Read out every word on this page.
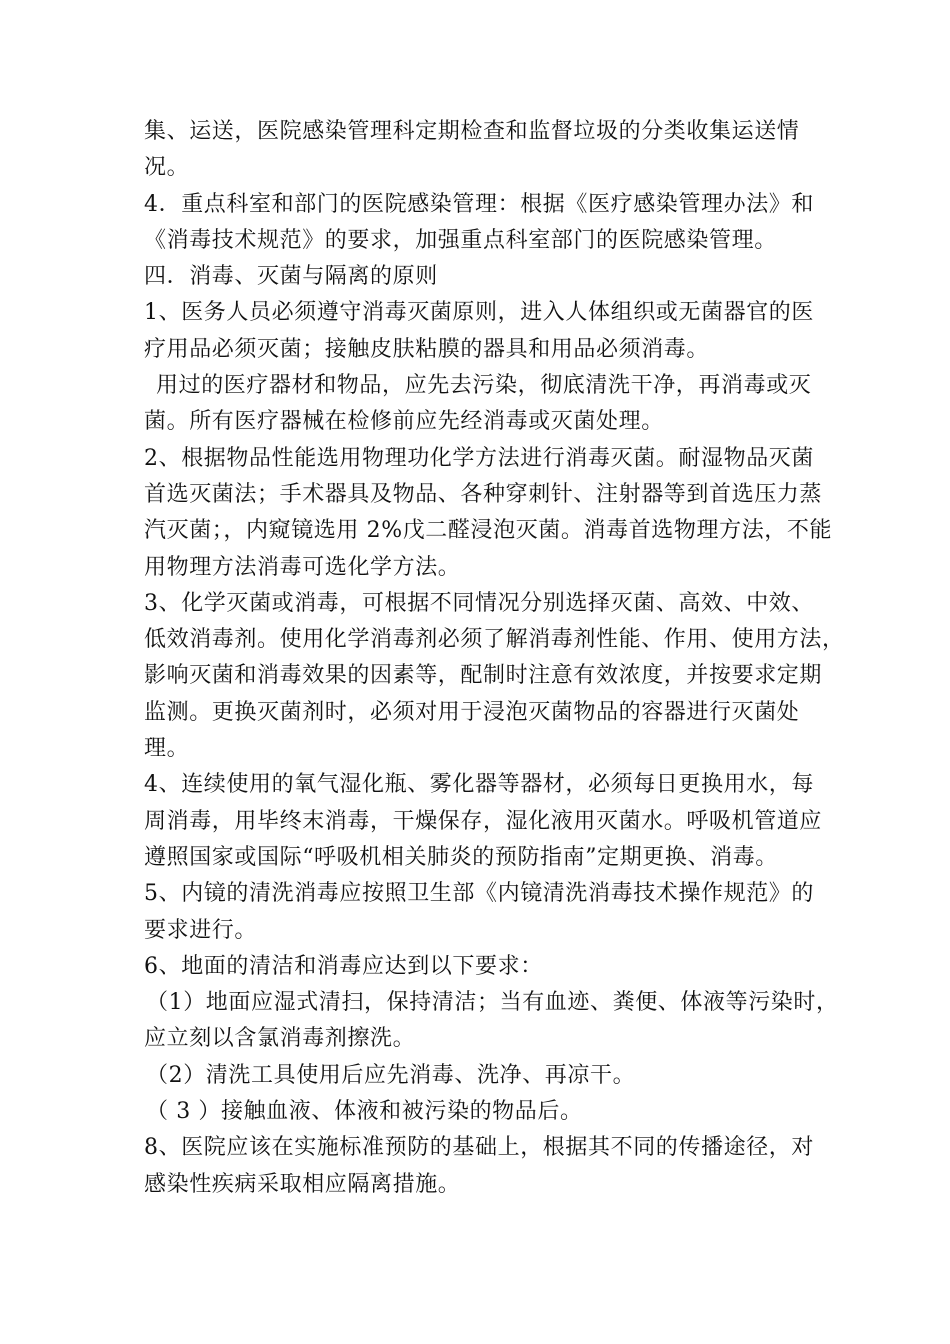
集、运送，医院感染管理科定期检查和监督垃圾的分类收集运送情
况。
4．重点科室和部门的医院感染管理：根据《医疗感染管理办法》和
《消毒技术规范》的要求，加强重点科室部门的医院感染管理。
四．消毒、灭菌与隔离的原则
1、医务人员必须遵守消毒灭菌原则，进入人体组织或无菌器官的医
疗用品必须灭菌；接触皮肤粘膜的器具和用品必须消毒。
用过的医疗器材和物品，应先去污染，彻底清洗干净，再消毒或灭
菌。所有医疗器械在检修前应先经消毒或灭菌处理。
2、根据物品性能选用物理功化学方法进行消毒灭菌。耐湿物品灭菌
首选灭菌法；手术器具及物品、各种穿刺针、注射器等到首选压力蒸
汽灭菌；，内窥镜选用 2%戊二醛浸泡灭菌。消毒首选物理方法，不能
用物理方法消毒可选化学方法。
3、化学灭菌或消毒，可根据不同情况分别选择灭菌、高效、中效、
低效消毒剂。使用化学消毒剂必须了解消毒剂性能、作用、使用方法，
影响灭菌和消毒效果的因素等，配制时注意有效浓度，并按要求定期
监测。更换灭菌剂时，必须对用于浸泡灭菌物品的容器进行灭菌处
理。
4、连续使用的氧气湿化瓶、雾化器等器材，必须每日更换用水，每
周消毒，用毕终末消毒，干燥保存，湿化液用灭菌水。呼吸机管道应
遵照国家或国际“呼吸机相关肺炎的预防指南”定期更换、消毒。
5、内镜的清洗消毒应按照卫生部《内镜清洗消毒技术操作规范》的
要求进行。
6、地面的清洁和消毒应达到以下要求：
（1）地面应湿式清扫，保持清洁；当有血迹、粪便、体液等污染时，
应立刻以含氯消毒剂擦洗。
（2）清洗工具使用后应先消毒、洗净、再凉干。
（ 3 ）接触血液、体液和被污染的物品后。
8、医院应该在实施标准预防的基础上，根据其不同的传播途径，对
感染性疾病采取相应隔离措施。
